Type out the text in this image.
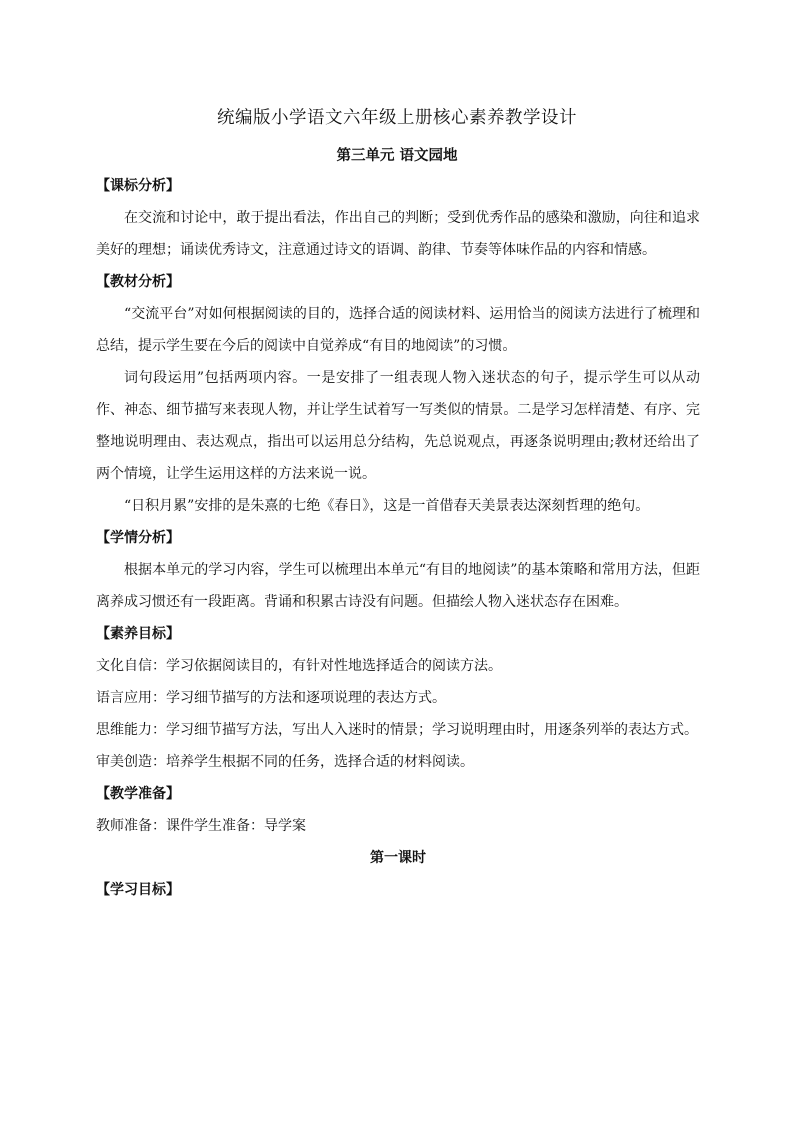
统编版小学语文六年级上册核心素养教学设计
第三单元 语文园地
【课标分析】

在交流和讨论中，敢于提出看法，作出自己的判断；受到优秀作品的感染和激励，向往和追求美好的理想；诵读优秀诗文，注意通过诗文的语调、韵律、节奏等体味作品的内容和情感。

【教材分析】

“交流平台”对如何根据阅读的目的，选择合适的阅读材料、运用恰当的阅读方法进行了梳理和总结，提示学生要在今后的阅读中自觉养成“有目的地阅读”的习惯。

词句段运用”包括两项内容。一是安排了一组表现人物入迷状态的句子，提示学生可以从动作、神态、细节描写来表现人物，并让学生试着写一写类似的情景。二是学习怎样清楚、有序、完整地说明理由、表达观点，指出可以运用总分结构，先总说观点，再逐条说明理由;教材还给出了两个情境，让学生运用这样的方法来说一说。

“日积月累”安排的是朱熹的七绝《春日》，这是一首借春天美景表达深刻哲理的绝句。

【学情分析】

根据本单元的学习内容，学生可以梳理出本单元“有目的地阅读”的基本策略和常用方法，但距离养成习惯还有一段距离。背诵和积累古诗没有问题。但描绘人物入迷状态存在困难。

【素养目标】

文化自信：学习依据阅读目的，有针对性地选择适合的阅读方法。

语言应用：学习细节描写的方法和逐项说理的表达方式。

思维能力：学习细节描写方法，写出人入迷时的情景；学习说明理由时，用逐条列举的表达方式。

审美创造：培养学生根据不同的任务，选择合适的材料阅读。

【教学准备】

教师准备：课件学生准备：导学案

第一课时
【学习目标】
